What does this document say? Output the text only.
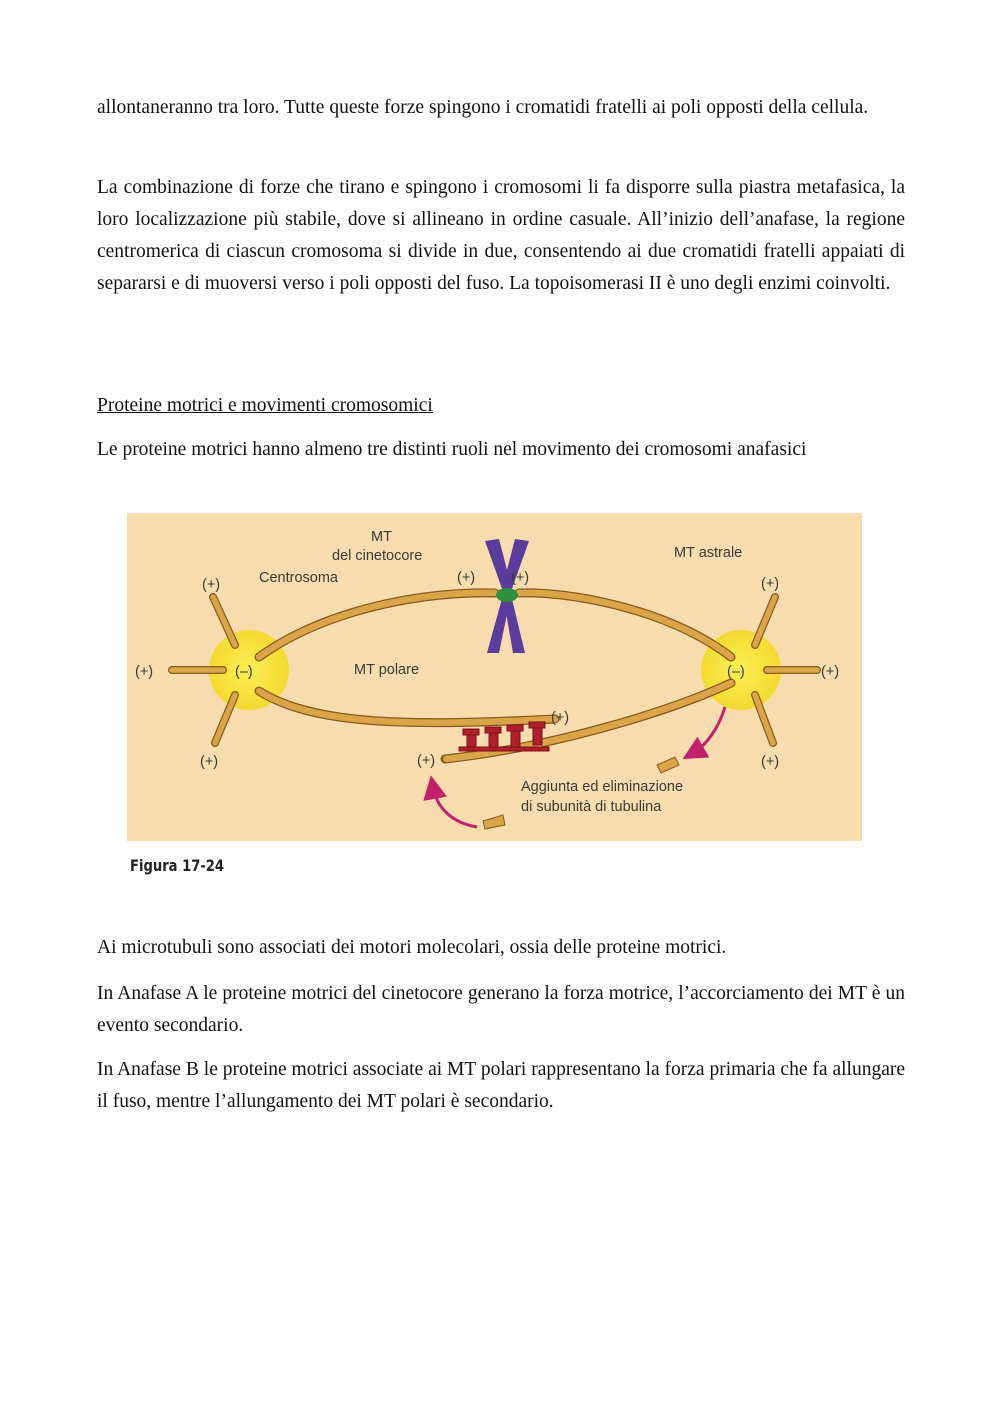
allontaneranno tra loro. Tutte queste forze spingono i cromatidi fratelli ai poli opposti della cellula.

La combinazione di forze che tirano e spingono i cromosomi li fa disporre sulla piastra metafasica, la loro localizzazione più stabile, dove si allineano in ordine casuale. All’inizio dell’anafase, la regione centromerica di ciascun cromosoma si divide in due, consentendo ai due cromatidi fratelli appaiati di separarsi e di muoversi verso i poli opposti del fuso. La topoisomerasi II è uno degli enzimi coinvolti.

Proteine motrici e movimenti cromosomici

Le proteine motrici hanno almeno tre distinti ruoli nel movimento dei cromosomi anafasici

MT
del cinetocore
Centrosoma
MT astrale
MT polare
(+)
(+)
(+)
(+) (+)	(+)
(+)
(+)
(+)
(+)
(–)	(–)
Aggiunta ed eliminazione
di subunità di tubulina
Figura 17-24

Ai microtubuli sono associati dei motori molecolari, ossia delle proteine motrici.

In Anafase A le proteine motrici del cinetocore generano la forza motrice, l’accorciamento dei MT è un evento secondario.

In Anafase B le proteine motrici associate ai MT polari rappresentano la forza primaria che fa allungare il fuso, mentre l’allungamento dei MT polari è secondario.
